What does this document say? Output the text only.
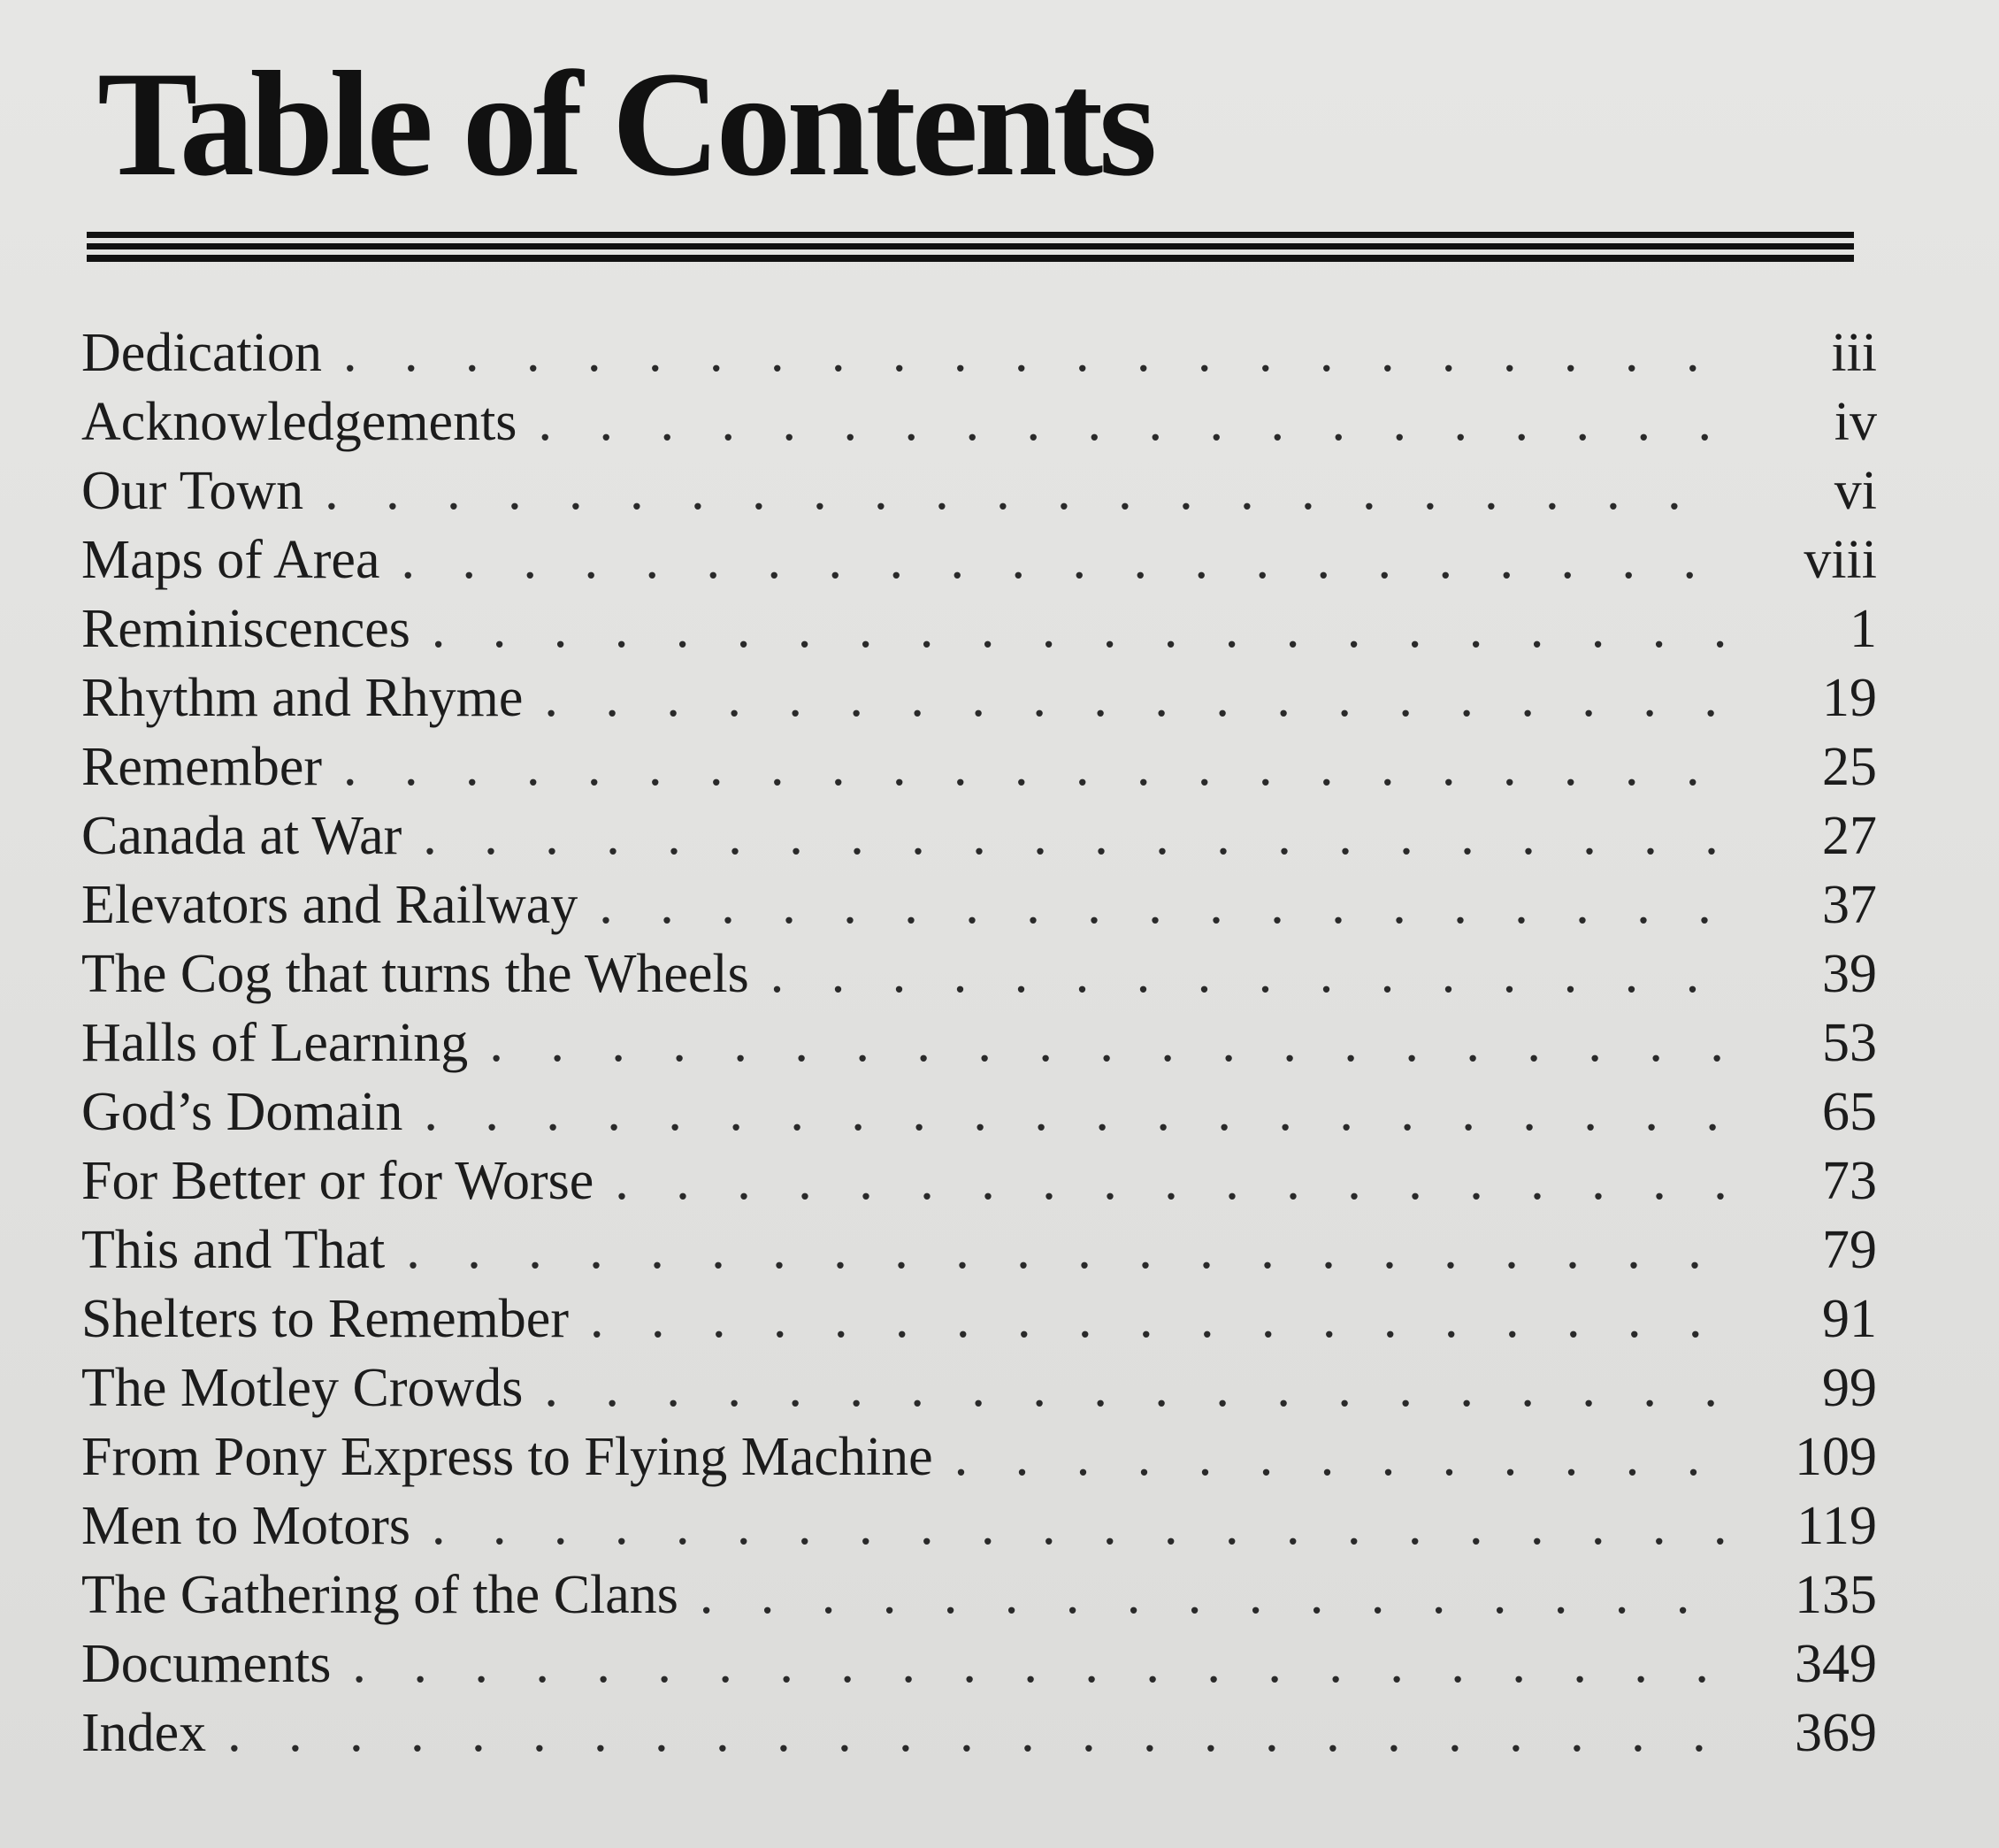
Table of Contents
Dedication . . .	iii
Acknowledgements . . .	iv
Our Town . . .	vi
Maps of Area . . .	viii
Reminiscences . . .	1
Rhythm and Rhyme . . .	19
Remember . . .	25
Canada at War . . .	27
Elevators and Railway . . .	37
The Cog that turns the Wheels . . .	39
Halls of Learning . . .	53
God’s Domain . . .	65
For Better or for Worse . . .	73
This and That . . .	79
Shelters to Remember . . .	91
The Motley Crowds . . .	99
From Pony Express to Flying Machine . . .	109
Men to Motors . . .	119
The Gathering of the Clans . . .	135
Documents . . .	349
Index . . .	369
